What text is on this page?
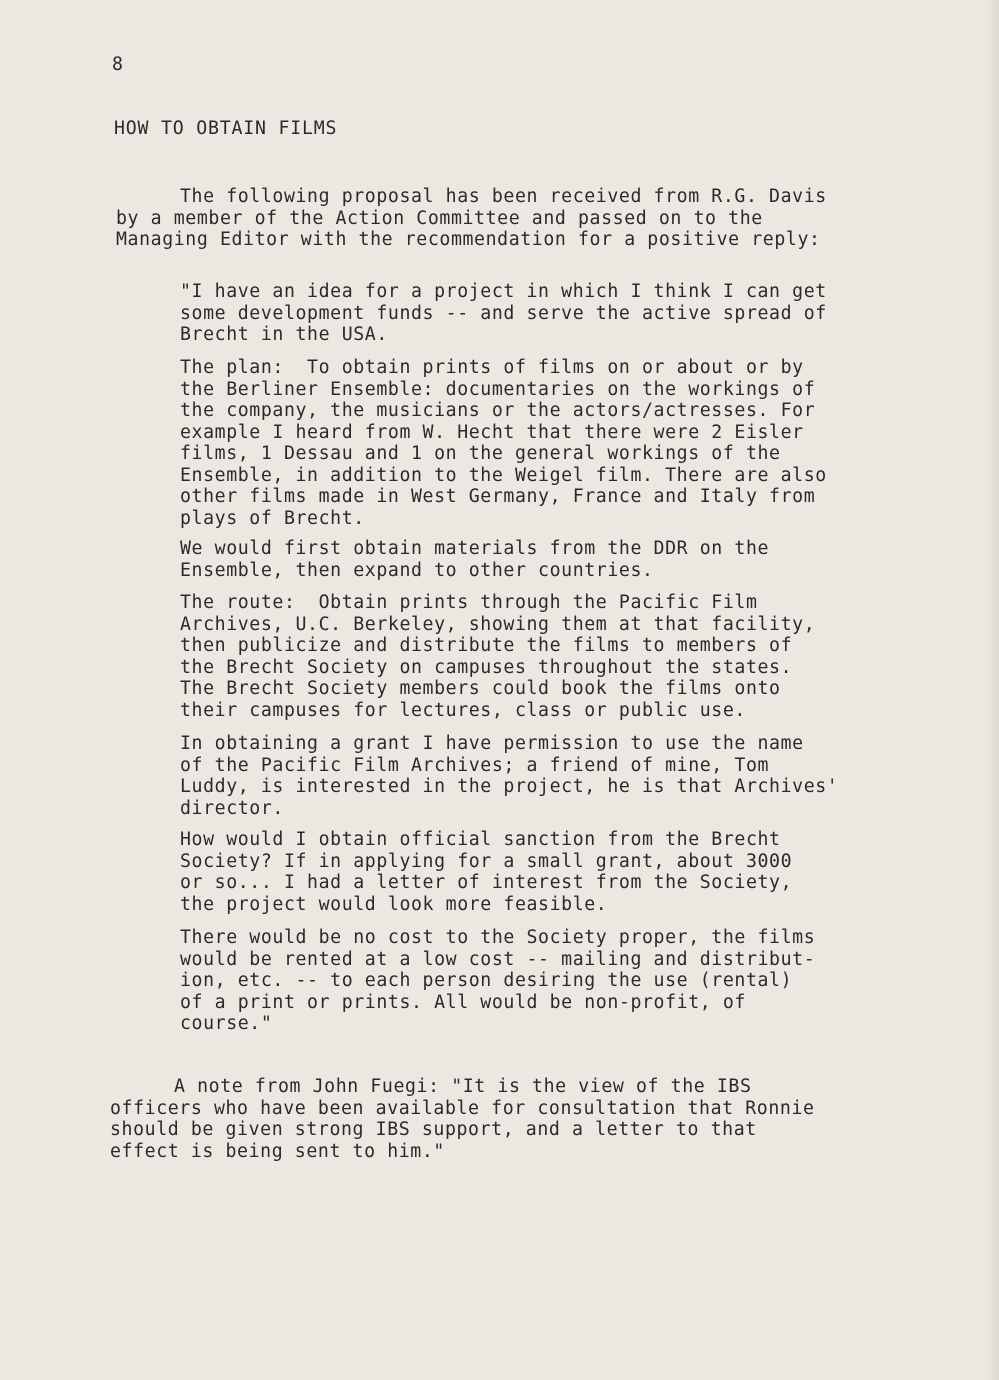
8
HOW TO OBTAIN FILMS
The following proposal has been received from R.G. Davis

by a member of the Action Committee and passed on to the
Managing Editor with the recommendation for a positive reply:
"I have an idea for a project in which I think I can get
some development funds -- and serve the active spread of
Brecht in the USA.
The plan:  To obtain prints of films on or about or by
the Berliner Ensemble: documentaries on the workings of
the company, the musicians or the actors/actresses. For
example I heard from W. Hecht that there were 2 Eisler
films, 1 Dessau and 1 on the general workings of the
Ensemble, in addition to the Weigel film. There are also
other films made in West Germany, France and Italy from
plays of Brecht.
We would first obtain materials from the DDR on the
Ensemble, then expand to other countries.
The route:  Obtain prints through the Pacific Film
Archives, U.C. Berkeley, showing them at that facility,
then publicize and distribute the films to members of
the Brecht Society on campuses throughout the states.
The Brecht Society members could book the films onto
their campuses for lectures, class or public use.
In obtaining a grant I have permission to use the name
of the Pacific Film Archives; a friend of mine, Tom
Luddy, is interested in the project, he is that Archives'
director.
How would I obtain official sanction from the Brecht
Society? If in applying for a small grant, about 3000
or so... I had a letter of interest from the Society,
the project would look more feasible.
There would be no cost to the Society proper, the films
would be rented at a low cost -- mailing and distribut-
ion, etc. -- to each person desiring the use (rental)
of a print or prints. All would be non-profit, of
course."
A note from John Fuegi: "It is the view of the IBS

officers who have been available for consultation that Ronnie
should be given strong IBS support, and a letter to that
effect is being sent to him."
